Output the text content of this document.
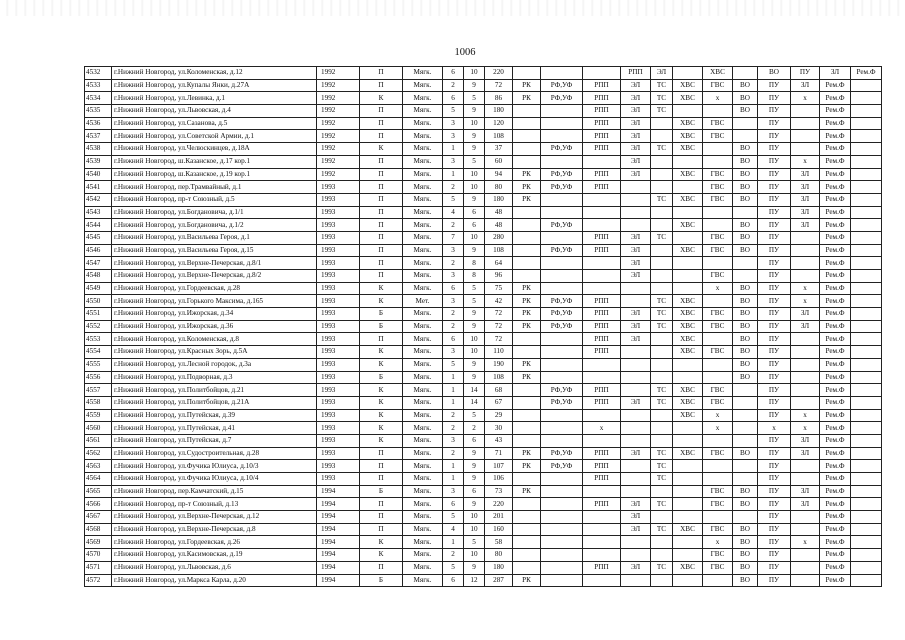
1006
4532	г.Нижний Новгород, ул.Коломенская, д.12	1992	П	Мягк.	6	10	220				РПП	ЭЛ		ХВС		ВО	ПУ	ЗЛ	Рем.Ф
4533	г.Нижний Новгород, ул.Купалы Янки, д.27А	1992	П	Мягк.	2	9	72	РК	РФ,УФ	РПП	ЭЛ	ТС	ХВС	ГВС	ВО	ПУ	ЗЛ	Рем.Ф	
4534	г.Нижний Новгород, ул.Левинка, д.1	1992	К	Мягк.	6	5	86	РК	РФ,УФ	РПП	ЭЛ	ТС	ХВС	х	ВО	ПУ	х	Рем.Ф	
4535	г.Нижний Новгород, ул.Львовская, д.4	1992	П	Мягк.	5	9	180			РПП	ЭЛ	ТС			ВО	ПУ		Рем.Ф	
4536	г.Нижний Новгород, ул.Сазанова, д.5	1992	П	Мягк.	3	10	120			РПП	ЭЛ		ХВС	ГВС		ПУ		Рем.Ф	
4537	г.Нижний Новгород, ул.Советской Армии, д.1	1992	П	Мягк.	3	9	108			РПП	ЭЛ		ХВС	ГВС		ПУ		Рем.Ф	
4538	г.Нижний Новгород, ул.Челюскинцев, д.18А	1992	К	Мягк.	1	9	37		РФ,УФ	РПП	ЭЛ	ТС	ХВС		ВО	ПУ		Рем.Ф	
4539	г.Нижний Новгород, ш.Казанское, д.17 кор.1	1992	П	Мягк.	3	5	60				ЭЛ				ВО	ПУ	х	Рем.Ф	
4540	г.Нижний Новгород, ш.Казанское, д.19 кор.1	1992	П	Мягк.	1	10	94	РК	РФ,УФ	РПП	ЭЛ		ХВС	ГВС	ВО	ПУ	ЗЛ	Рем.Ф	
4541	г.Нижний Новгород, пер.Трамвайный, д.1	1993	П	Мягк.	2	10	80	РК	РФ,УФ	РПП				ГВС	ВО	ПУ	ЗЛ	Рем.Ф	
4542	г.Нижний Новгород, пр-т Союзный, д.5	1993	П	Мягк.	5	9	180	РК				ТС	ХВС	ГВС	ВО	ПУ	ЗЛ	Рем.Ф	
4543	г.Нижний Новгород, ул.Богдановича, д.1/1	1993	П	Мягк.	4	6	48									ПУ	ЗЛ	Рем.Ф	
4544	г.Нижний Новгород, ул.Богдановича, д.1/2	1993	П	Мягк.	2	6	48		РФ,УФ				ХВС		ВО	ПУ	ЗЛ	Рем.Ф	
4545	г.Нижний Новгород, ул.Васильева Героя, д.1	1993	П	Мягк.	7	10	280			РПП	ЭЛ	ТС		ГВС	ВО	ПУ		Рем.Ф	
4546	г.Нижний Новгород, ул.Васильева Героя, д.15	1993	П	Мягк.	3	9	108		РФ,УФ	РПП	ЭЛ		ХВС	ГВС	ВО	ПУ		Рем.Ф	
4547	г.Нижний Новгород, ул.Верхне-Печерская, д.8/1	1993	П	Мягк.	2	8	64				ЭЛ					ПУ		Рем.Ф	
4548	г.Нижний Новгород, ул.Верхне-Печерская, д.8/2	1993	П	Мягк.	3	8	96				ЭЛ			ГВС		ПУ		Рем.Ф	
4549	г.Нижний Новгород, ул.Гордеевская, д.28	1993	К	Мягк.	6	5	75	РК						х	ВО	ПУ	х	Рем.Ф	
4550	г.Нижний Новгород, ул.Горького Максима, д.165	1993	К	Мет.	3	5	42	РК	РФ,УФ	РПП		ТС	ХВС		ВО	ПУ	х	Рем.Ф	
4551	г.Нижний Новгород, ул.Ижорская, д.34	1993	Б	Мягк.	2	9	72	РК	РФ,УФ	РПП	ЭЛ	ТС	ХВС	ГВС	ВО	ПУ	ЗЛ	Рем.Ф	
4552	г.Нижний Новгород, ул.Ижорская, д.36	1993	Б	Мягк.	2	9	72	РК	РФ,УФ	РПП	ЭЛ	ТС	ХВС	ГВС	ВО	ПУ	ЗЛ	Рем.Ф	
4553	г.Нижний Новгород, ул.Коломенская, д.8	1993	П	Мягк.	6	10	72			РПП	ЭЛ		ХВС		ВО	ПУ		Рем.Ф	
4554	г.Нижний Новгород, ул.Красных Зорь, д.5А	1993	К	Мягк.	3	10	110			РПП			ХВС	ГВС	ВО	ПУ		Рем.Ф	
4555	г.Нижний Новгород, ул.Лесной городок, д.3а	1993	К	Мягк.	5	9	190	РК							ВО	ПУ		Рем.Ф	
4556	г.Нижний Новгород, ул.Подворная, д.3	1993	Б	Мягк.	1	9	108	РК							ВО	ПУ		Рем.Ф	
4557	г.Нижний Новгород, ул.Политбойцов, д.21	1993	К	Мягк.	1	14	68		РФ,УФ	РПП		ТС	ХВС	ГВС		ПУ		Рем.Ф	
4558	г.Нижний Новгород, ул.Политбойцов, д.21А	1993	К	Мягк.	1	14	67		РФ,УФ	РПП	ЭЛ	ТС	ХВС	ГВС		ПУ		Рем.Ф	
4559	г.Нижний Новгород, ул.Путейская, д.39	1993	К	Мягк.	2	5	29						ХВС	х		ПУ	х	Рем.Ф	
4560	г.Нижний Новгород, ул.Путейская, д.41	1993	К	Мягк.	2	2	30			х				х		х	х	Рем.Ф	
4561	г.Нижний Новгород, ул.Путейская, д.7	1993	К	Мягк.	3	6	43									ПУ	ЗЛ	Рем.Ф	
4562	г.Нижний Новгород, ул.Судостроительная, д.28	1993	П	Мягк.	2	9	71	РК	РФ,УФ	РПП	ЭЛ	ТС	ХВС	ГВС	ВО	ПУ	ЗЛ	Рем.Ф	
4563	г.Нижний Новгород, ул.Фучика Юлиуса, д.10/3	1993	П	Мягк.	1	9	107	РК	РФ,УФ	РПП		ТС				ПУ		Рем.Ф	
4564	г.Нижний Новгород, ул.Фучика Юлиуса, д.10/4	1993	П	Мягк.	1	9	106			РПП		ТС				ПУ		Рем.Ф	
4565	г.Нижний Новгород, пер.Камчатский, д.15	1994	Б	Мягк.	3	6	73	РК						ГВС	ВО	ПУ	ЗЛ	Рем.Ф	
4566	г.Нижний Новгород, пр-т Союзный, д.13	1994	П	Мягк.	6	9	220			РПП	ЭЛ	ТС		ГВС	ВО	ПУ	ЗЛ	Рем.Ф	
4567	г.Нижний Новгород, ул.Верхне-Печерская, д.12	1994	П	Мягк.	5	10	201				ЭЛ					ПУ		Рем.Ф	
4568	г.Нижний Новгород, ул.Верхне-Печерская, д.8	1994	П	Мягк.	4	10	160				ЭЛ	ТС	ХВС	ГВС	ВО	ПУ		Рем.Ф	
4569	г.Нижний Новгород, ул.Гордеевская, д.26	1994	К	Мягк.	1	5	58							х	ВО	ПУ	х	Рем.Ф	
4570	г.Нижний Новгород, ул.Касимовская, д.19	1994	К	Мягк.	2	10	80							ГВС	ВО	ПУ		Рем.Ф	
4571	г.Нижний Новгород, ул.Львовская, д.6	1994	П	Мягк.	5	9	180			РПП	ЭЛ	ТС	ХВС	ГВС	ВО	ПУ		Рем.Ф	
4572	г.Нижний Новгород, ул.Маркса Карла, д.20	1994	Б	Мягк.	6	12	287	РК							ВО	ПУ		Рем.Ф	
